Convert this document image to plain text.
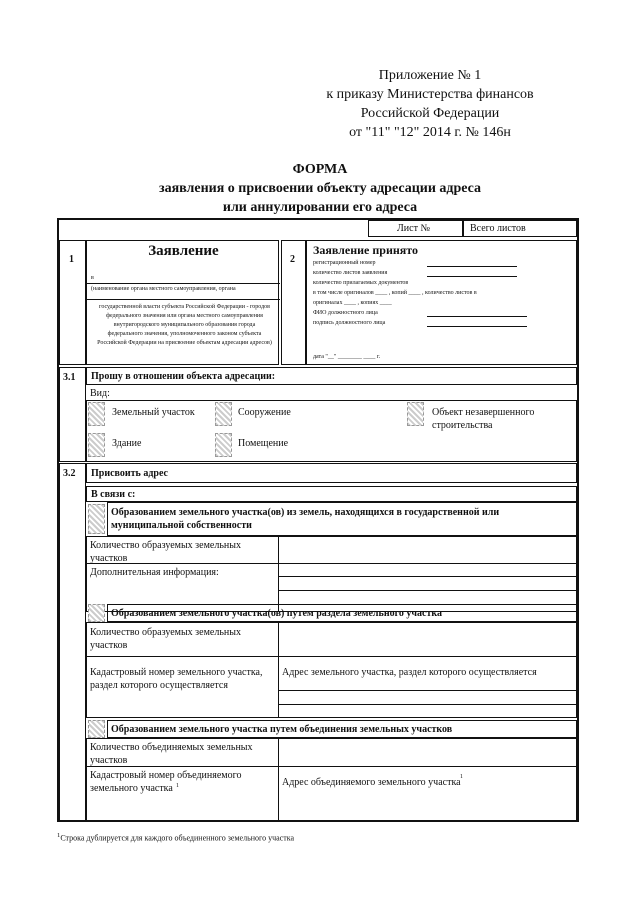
Приложение № 1
к приказу Министерства финансов
Российской Федерации
от "11" "12" 2014 г. № 146н
ФОРМА
заявления о присвоении объекту адресации адреса
или аннулировании его адреса
Лист №	Всего листов
1
Заявление
в
(наименование органа местного самоуправления, органа
государственной власти субъекта Российской Федерации - городов федерального значения или органа местного самоуправления внутригородского муниципального образования города федерального значения, уполномоченного законом субъекта Российской Федерации на присвоение объектам адресации адресов)
2
Заявление принято
регистрационный номер
количество листов заявления
количество прилагаемых документов
в том числе оригиналов ____ , копий ____ , количество листов в
оригиналах ____ , копиях ____
ФИО должностного лица
подпись должностного лица
дата "__" ________ ____ г.
3.1 Прошу в отношении объекта адресации:
Вид:
Земельный участок	Сооружение	Объект незавершенного строительства
Здание	Помещение
3.2 Присвоить адрес
В связи с:
Образованием земельного участка(ов) из земель, находящихся в государственной или муниципальной собственности
Количество образуемых земельных участков
Дополнительная информация:
Образованием земельного участка(ов) путем раздела земельного участка
Количество образуемых земельных участков
Кадастровый номер земельного участка, раздел которого осуществляется
Адрес земельного участка, раздел которого осуществляется
Образованием земельного участка путем объединения земельных участков
Количество объединяемых земельных участков
Кадастровый номер объединяемого земельного участка 1	Адрес объединяемого земельного участка 1
$^1$Строка дублируется для каждого объединенного земельного участка
